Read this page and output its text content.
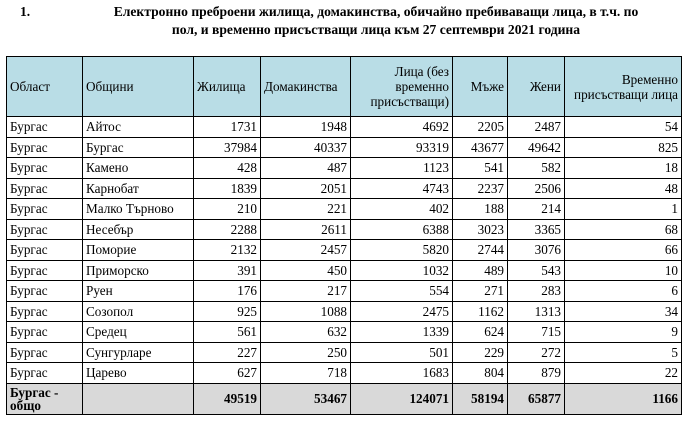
1.	Електронно преброени жилища, домакинства, обичайно пребиваващи лица, в т.ч. по
пол, и временно присъстващи лица към 27 септември 2021 година
Област	Общини	Жилища	Домакинства	Лица (без временно присъстващи)	Мъже	Жени	Временно присъстващи лица
Бургас	Айтос	1731	1948	4692	2205	2487	54
Бургас	Бургас	37984	40337	93319	43677	49642	825
Бургас	Камено	428	487	1123	541	582	18
Бургас	Карнобат	1839	2051	4743	2237	2506	48
Бургас	Малко Търново	210	221	402	188	214	1
Бургас	Несебър	2288	2611	6388	3023	3365	68
Бургас	Поморие	2132	2457	5820	2744	3076	66
Бургас	Приморско	391	450	1032	489	543	10
Бургас	Руен	176	217	554	271	283	6
Бургас	Созопол	925	1088	2475	1162	1313	34
Бургас	Средец	561	632	1339	624	715	9
Бургас	Сунгурларе	227	250	501	229	272	5
Бургас	Царево	627	718	1683	804	879	22
Бургас - общо		49519	53467	124071	58194	65877	1166
